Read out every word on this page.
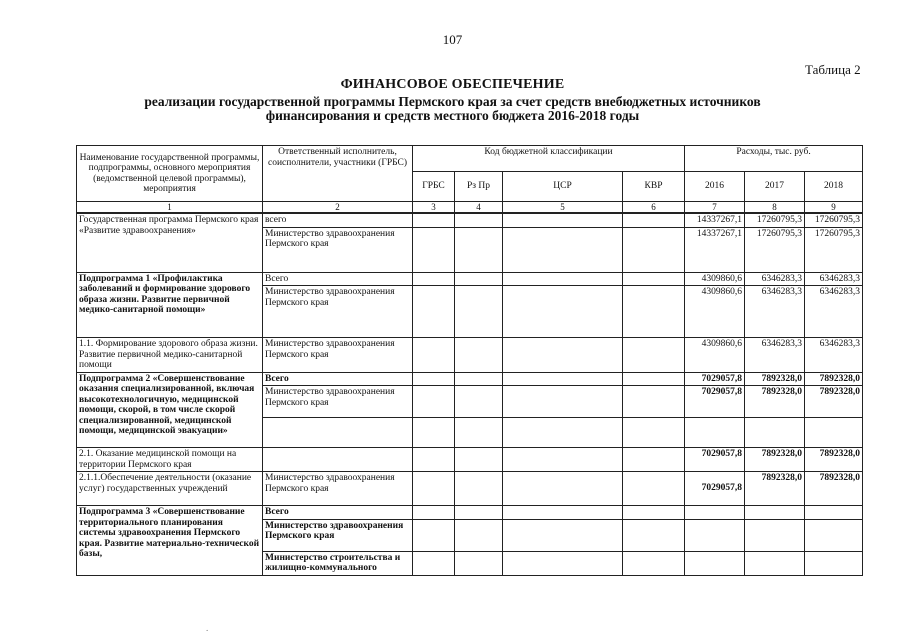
107
Таблица 2
ФИНАНСОВОЕ ОБЕСПЕЧЕНИЕ
реализации государственной программы Пермского края за счет средств внебюджетных источников
финансирования и средств местного бюджета 2016-2018 годы
Наименование государственной программы, подпрограммы, основного мероприятия (ведомственной целевой программы), мероприятия	Ответственный исполнитель, соисполнители, участники (ГРБС)	Код бюджетной классификации				Расходы, тыс. руб.		
		ГРБС	Рз Пр	ЦСР	КВР	2016	2017	2018
1	2	3	4	5	6	7	8	9
Государственная программа Пермского края «Развитие здравоохранения»	всего					14337267,1	17260795,3	17260795,3
	Министерство здравоохранения Пермского края					14337267,1	17260795,3	17260795,3
Подпрограмма 1 «Профилактика заболеваний и формирование здорового образа жизни. Развитие первичной медико-санитарной помощи»	Всего					4309860,6	6346283,3	6346283,3
	Министерство здравоохранения Пермского края					4309860,6	6346283,3	6346283,3
1.1. Формирование здорового образа жизни. Развитие первичной медико-санитарной помощи	Министерство здравоохранения Пермского края					4309860,6	6346283,3	6346283,3
Подпрограмма 2 «Совершенствование оказания специализированной, включая высокотехнологичную, медицинской помощи, скорой, в том числе скорой специализированной, медицинской помощи, медицинской эвакуации»	Всего					7029057,8	7892328,0	7892328,0
	Министерство здравоохранения Пермского края					7029057,8	7892328,0	7892328,0

2.1. Оказание медицинской помощи на территории Пермского края						7029057,8	7892328,0	7892328,0
2.1.1.Обеспечение деятельности (оказание услуг) государственных учреждений	Министерство здравоохранения Пермского края					7029057,8	7892328,0	7892328,0
Подпрограмма 3 «Совершенствование территориального планирования системы здравоохранения Пермского края. Развитие материально-технической базы,	Всего							
	Министерство здравоохранения Пермского края							
	Министерство строительства и жилищно-коммунального							
.
